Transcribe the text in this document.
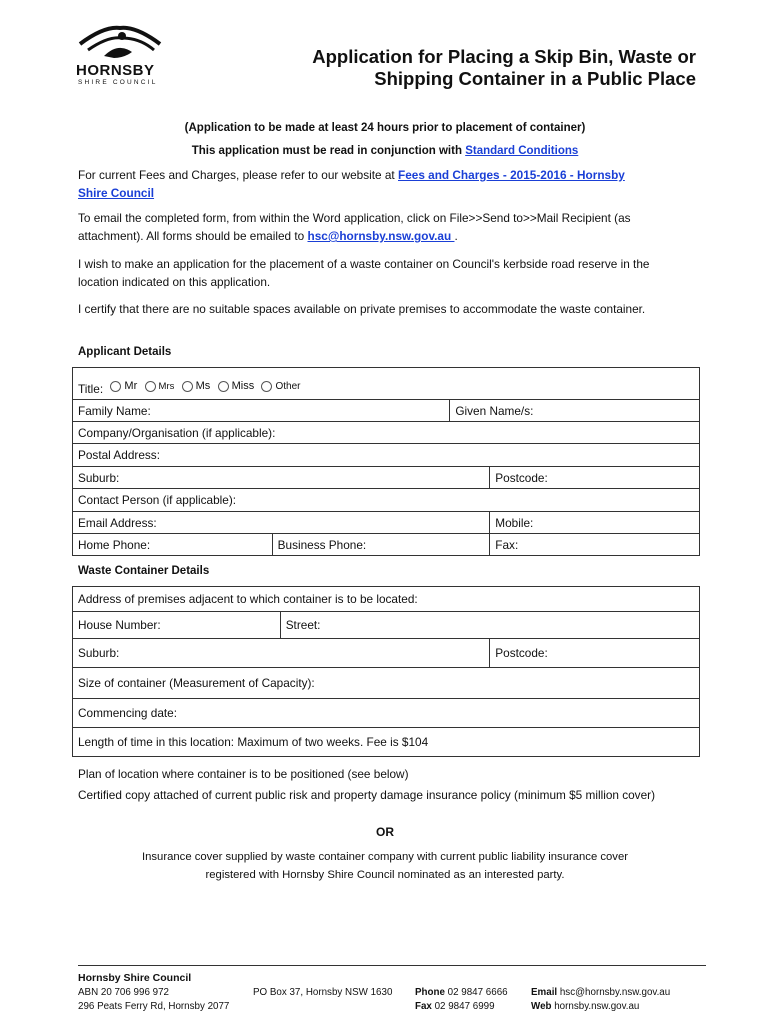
HORNSBY
SHIRE COUNCIL
Application for Placing a Skip Bin, Waste or
Shipping Container in a Public Place
(Application to be made at least 24 hours prior to placement of container)
This application must be read in conjunction with Standard Conditions
For current Fees and Charges, please refer to our website at Fees and Charges - 2015-2016 - Hornsby
Shire Council
To email the completed form, from within the Word application, click on File>>Send to>>Mail Recipient (as
attachment). All forms should be emailed to hsc@hornsby.nsw.gov.au .
I wish to make an application for the placement of a waste container on Council's kerbside road reserve in the location indicated on this application.
I certify that there are no suitable spaces available on private premises to accommodate the waste container.
Applicant Details
Title: Mr $^{Mrs}$ Ms Miss $^{Other}$
Family Name:		Given Name/s:	
Company/Organisation (if applicable):			
Postal Address:			
Suburb:			Postcode:
Contact Person (if applicable):			
Email Address:			Mobile:
Home Phone:	Business Phone:		Fax:
Waste Container Details
Address of premises adjacent to which container is to be located:		
House Number:	Street:	
Suburb:		Postcode:
Size of container (Measurement of Capacity):		
Commencing date:		
Length of time in this location: Maximum of two weeks. Fee is $104		
Plan of location where container is to be positioned (see below)
Certified copy attached of current public risk and property damage insurance policy (minimum $5 million cover)
OR
Insurance cover supplied by waste container company with current public liability insurance cover
registered with Hornsby Shire Council nominated as an interested party.
Hornsby Shire Council
ABN 20 706 996 972
296 Peats Ferry Rd, Hornsby 2077
PO Box 37, Hornsby NSW 1630 Phone 02 9847 6666
Fax 02 9847 6999
Email hsc@hornsby.nsw.gov.au
Web hornsby.nsw.gov.au
